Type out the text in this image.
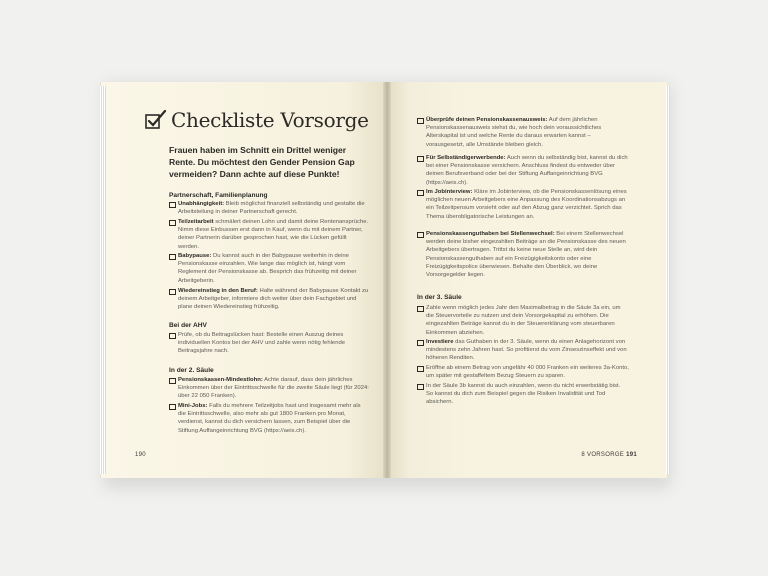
Checkliste Vorsorge
Frauen haben im Schnitt ein Drittel weniger Rente. Du möchtest den Gender Pension Gap vermeiden? Dann achte auf diese Punkte!
Partnerschaft, Familienplanung
Unabhängigkeit: Bleib möglichst finanziell selbständig und gestalte die Arbeitsteilung in deiner Partnerschaft gerecht.
Teilzeitarbeit schmälert deinen Lohn und damit deine Rentenansprüche. Nimm diese Einbussen erst dann in Kauf, wenn du mit deinem Partner, deiner Partnerin darüber gesprochen hast, wie die Lücken gefüllt werden.
Babypause: Du kannst auch in der Babypause weiterhin in deine Pensionskasse einzahlen. Wie lange das möglich ist, hängt vom Reglement der Pensionskasse ab. Besprich das frühzeitig mit deiner Arbeitgeberin.
Wiedereinstieg in den Beruf: Halte während der Babypause Kontakt zu deinem Arbeitgeber, informiere dich weiter über dein Fachgebiet und plane deinen Wiedereinstieg frühzeitig.
Bei der AHV
Prüfe, ob du Beitragslücken hast: Bestelle einen Auszug deines individuellen Kontos bei der AHV und zahle wenn nötig fehlende Beitragsjahre nach.
In der 2. Säule
Pensionskassen-Mindestlohn: Achte darauf, dass dein jährliches Einkommen über der Eintrittsschwelle für die zweite Säule liegt (für 2024: über 22 050 Franken).
Mini-Jobs: Falls du mehrere Teilzeitjobs hast und insgesamt mehr als die Eintrittsschwelle, also mehr als gut 1800 Franken pro Monat, verdienst, kannst du dich versichern lassen, zum Beispiel über die Stiftung Auffangeinrichtung BVG (https://aeis.ch).
190
Überprüfe deinen Pensionskassenausweis: Auf dem jährlichen Pensionskassenausweis siehst du, wie hoch dein voraussichtliches Alterskapital ist und welche Rente du daraus erwarten kannst – vorausgesetzt, alle Umstände bleiben gleich.
Für Selbständigerwerbende: Auch wenn du selbständig bist, kannst du dich bei einer Pensionskasse versichern. Anschluss findest du entweder über deinen Berufsverband oder bei der Stiftung Auffangeinrichtung BVG (https://aeis.ch).
Im Jobinterview: Kläre im Jobinterview, ob die Pensionskassenlösung eines möglichen neuen Arbeitgebers eine Anpassung des Koordinationsabzugs an ein Teilzeitpensum vorsieht oder auf den Abzug ganz verzichtet. Sprich das Thema überobligatorische Leistungen an.
Pensionskassenguthaben bei Stellenwechsel: Bei einem Stellenwechsel werden deine bisher eingezahlten Beiträge an die Pensionskasse des neuen Arbeitgebers übertragen. Trittst du keine neue Stelle an, wird dein Pensionskassenguthaben auf ein Freizügigkeitskonto oder eine Freizügigkeitspolice überwiesen. Behalte den Überblick, wo deine Vorsorgegelder liegen.
In der 3. Säule
Zahle wenn möglich jedes Jahr den Maximalbetrag in die Säule 3a ein, um die Steuervorteile zu nutzen und dein Vorsorgekapital zu erhöhen. Die eingezahlten Beträge kannst du in der Steuererklärung vom steuerbaren Einkommen abziehen.
Investiere das Guthaben in der 3. Säule, wenn du einen Anlagehorizont von mindestens zehn Jahren hast. So profitierst du vom Zinseszinseffekt und von höheren Renditen.
Eröffne ab einem Betrag von ungefähr 40 000 Franken ein weiteres 3a-Konto, um später mit gestaffeltem Bezug Steuern zu sparen.
In der Säule 3b kannst du auch einzahlen, wenn du nicht erwerbstätig bist. So kannst du dich zum Beispiel gegen die Risiken Invalidität und Tod absichern.
8 VORSORGE 191
